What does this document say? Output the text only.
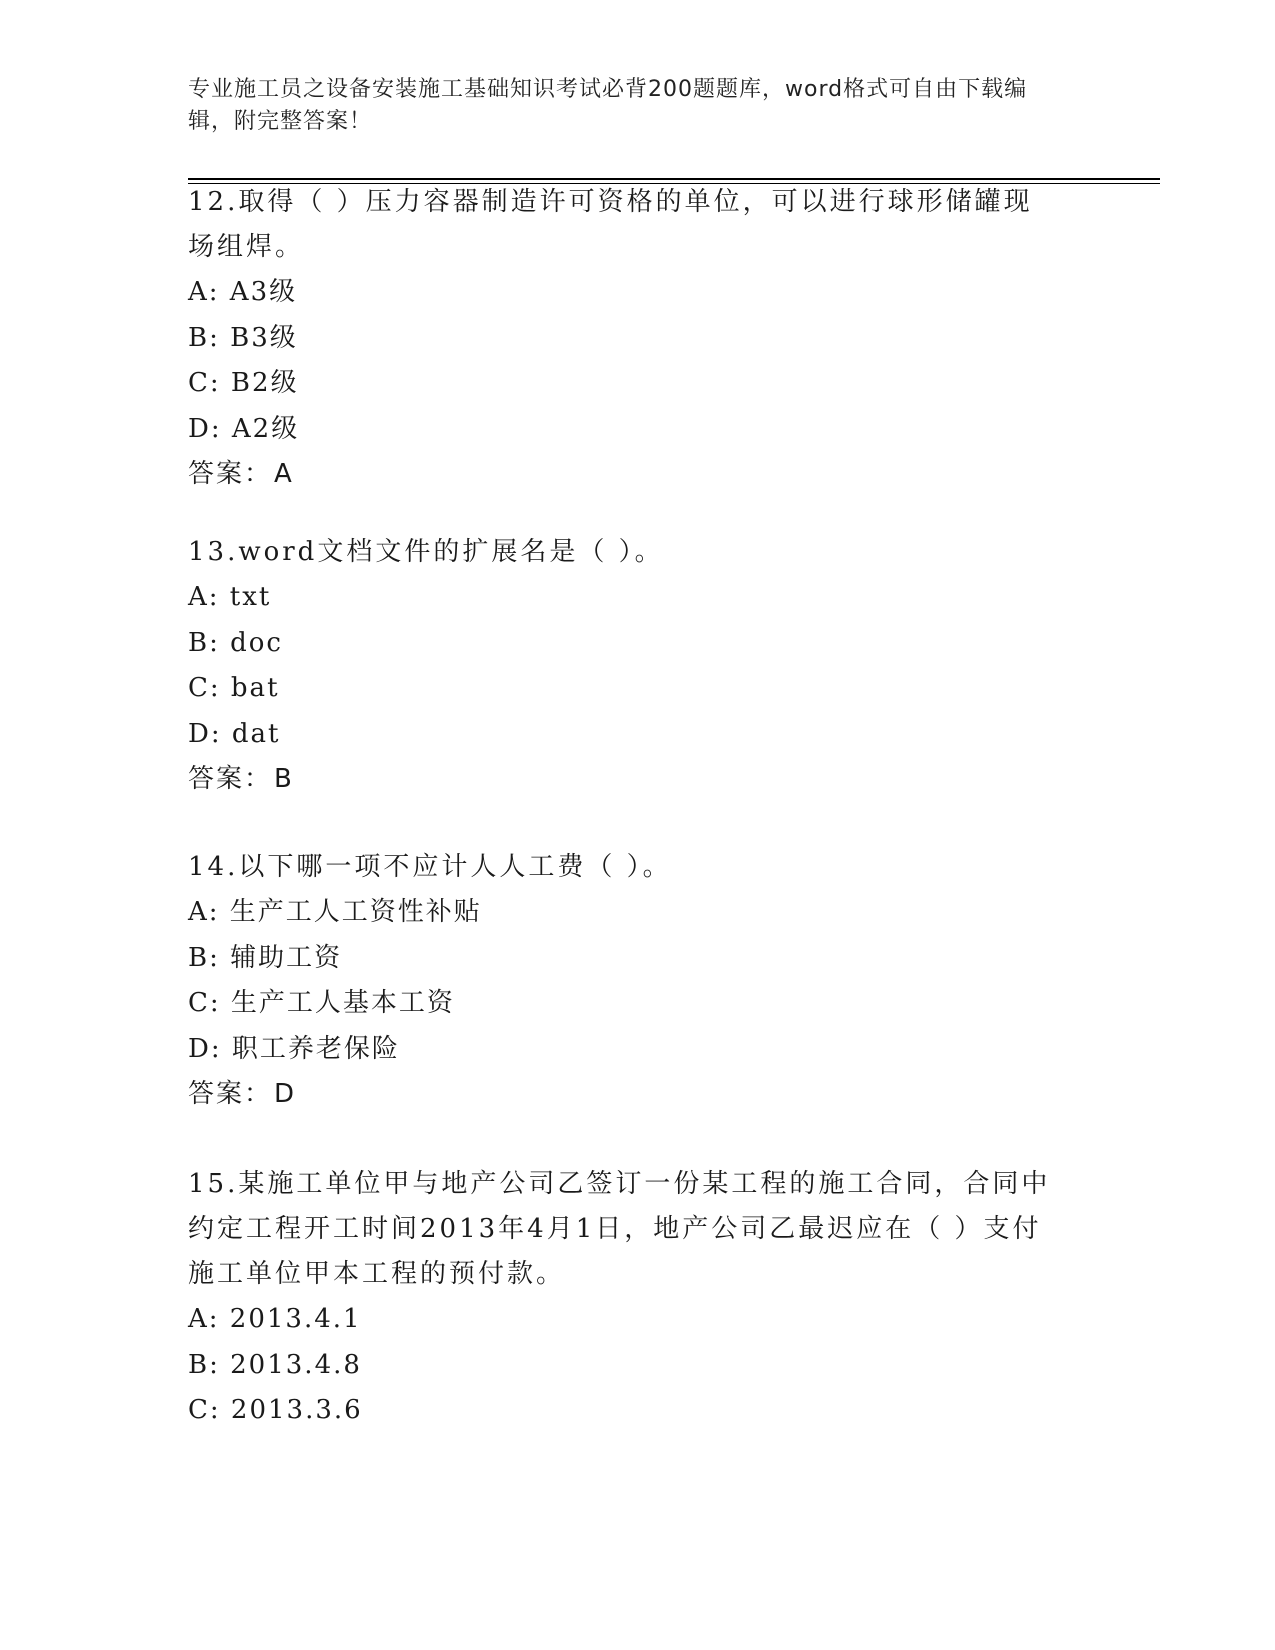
专业施工员之设备安装施工基础知识考试必背200题题库，word格式可自由下载编辑，附完整答案！
12.取得（ ）压力容器制造许可资格的单位，可以进行球形储罐现场组焊。
A: A3级
B: B3级
C: B2级
D: A2级
答案：A
13.word文档文件的扩展名是（ ）。
A: txt
B: doc
C: bat
D: dat
答案：B
14.以下哪一项不应计人人工费（ ）。
A: 生产工人工资性补贴
B: 辅助工资
C: 生产工人基本工资
D: 职工养老保险
答案：D
15.某施工单位甲与地产公司乙签订一份某工程的施工合同，合同中约定工程开工时间2013年4月1日，地产公司乙最迟应在（ ）支付施工单位甲本工程的预付款。
A: 2013.4.1
B: 2013.4.8
C: 2013.3.6
